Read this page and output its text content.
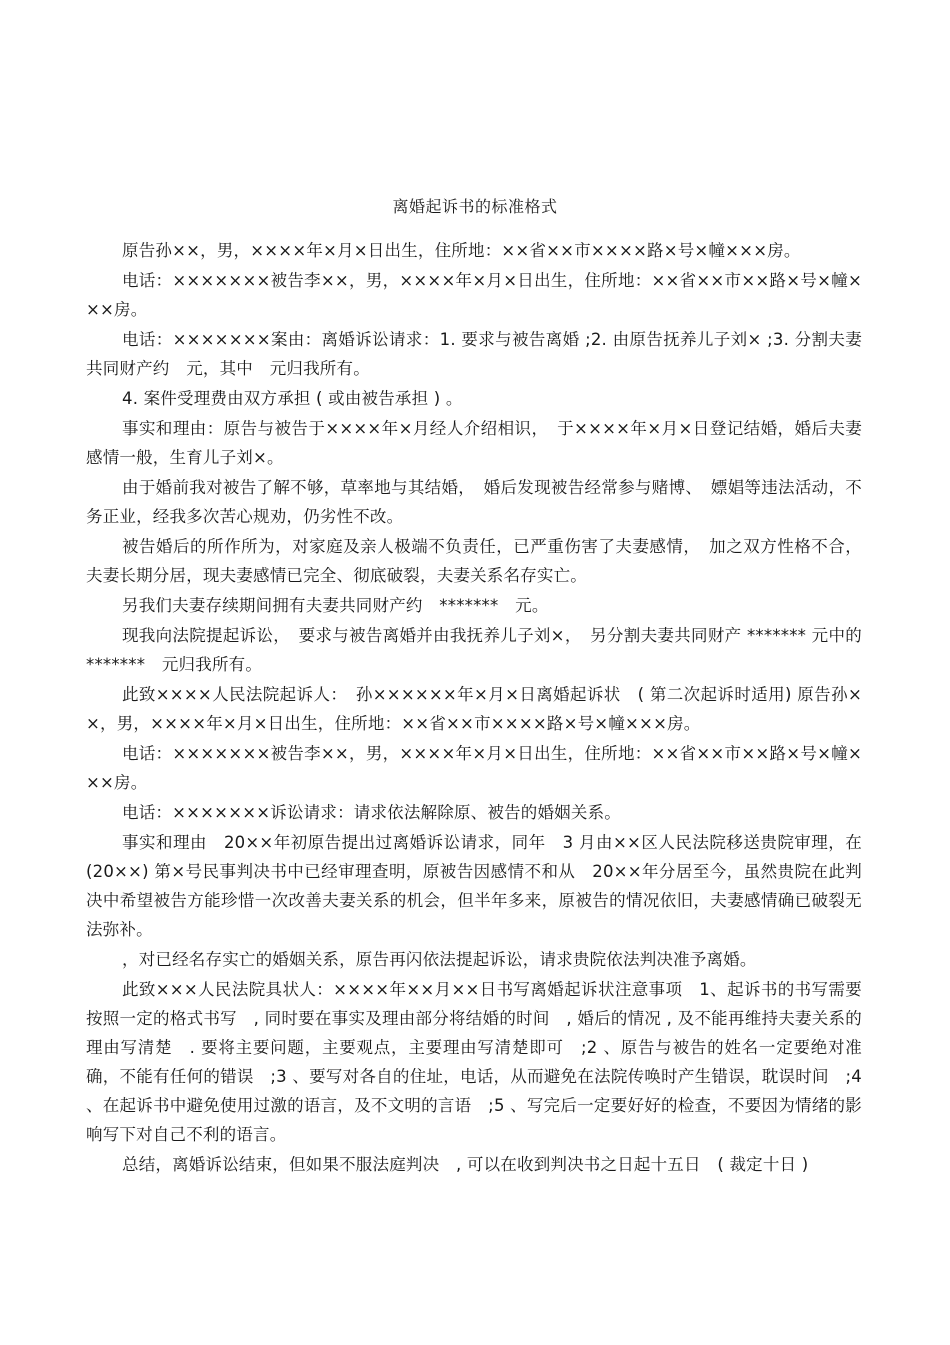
离婚起诉书的标准格式

原告孙××，男，××××年×月×日出生，住所地：××省××市××××路×号×幢×××房。

电话：×××××××被告李××，男，××××年×月×日出生，住所地：××省××市××路×号×幢×××房。

电话：×××××××案由：离婚诉讼请求：1. 要求与被告离婚 ;2. 由原告抚养儿子刘× ;3. 分割夫妻共同财产约　元，其中　元归我所有。

4. 案件受理费由双方承担 ( 或由被告承担 ) 。

事实和理由：原告与被告于××××年×月经人介绍相识，　于××××年×月×日登记结婚，婚后夫妻感情一般，生育儿子刘×。

由于婚前我对被告了解不够，草率地与其结婚，　婚后发现被告经常参与赌博、　嫖娼等违法活动，不务正业，经我多次苦心规劝，仍劣性不改。

被告婚后的所作所为，对家庭及亲人极端不负责任，已严重伤害了夫妻感情，　加之双方性格不合，夫妻长期分居，现夫妻感情已完全、彻底破裂，夫妻关系名存实亡。

另我们夫妻存续期间拥有夫妻共同财产约　*******　元。

现我向法院提起诉讼，　要求与被告离婚并由我抚养儿子刘×，　另分割夫妻共同财产 ******* 元中的 *******　元归我所有。

此致××××人民法院起诉人：　孙××××××年×月×日离婚起诉状　( 第二次起诉时适用) 原告孙××，男，××××年×月×日出生，住所地：××省××市××××路×号×幢×××房。

电话：×××××××被告李××，男，××××年×月×日出生，住所地：××省××市××路×号×幢×××房。

电话：×××××××诉讼请求：请求依法解除原、被告的婚姻关系。

事实和理由　20××年初原告提出过离婚诉讼请求，同年　3 月由××区人民法院移送贵院审理，在 (20××) 第×号民事判决书中已经审理查明，原被告因感情不和从　20××年分居至今，虽然贵院在此判决中希望被告方能珍惜一次改善夫妻关系的机会，但半年多来，原被告的情况依旧，夫妻感情确已破裂无法弥补。

，对已经名存实亡的婚姻关系，原告再闪依法提起诉讼，请求贵院依法判决准予离婚。

此致×××人民法院具状人：××××年××月××日书写离婚起诉状注意事项　1、起诉书的书写需要按照一定的格式书写　, 同时要在事实及理由部分将结婚的时间　, 婚后的情况 , 及不能再维持夫妻关系的理由写清楚　. 要将主要问题，主要观点，主要理由写清楚即可　;2 、原告与被告的姓名一定要绝对准确，不能有任何的错误　;3 、要写对各自的住址，电话，从而避免在法院传唤时产生错误，耽误时间　;4 、在起诉书中避免使用过激的语言，及不文明的言语　;5 、写完后一定要好好的检查，不要因为情绪的影响写下对自己不利的语言。

总结，离婚诉讼结束，但如果不服法庭判决　, 可以在收到判决书之日起十五日　( 裁定十日 )
